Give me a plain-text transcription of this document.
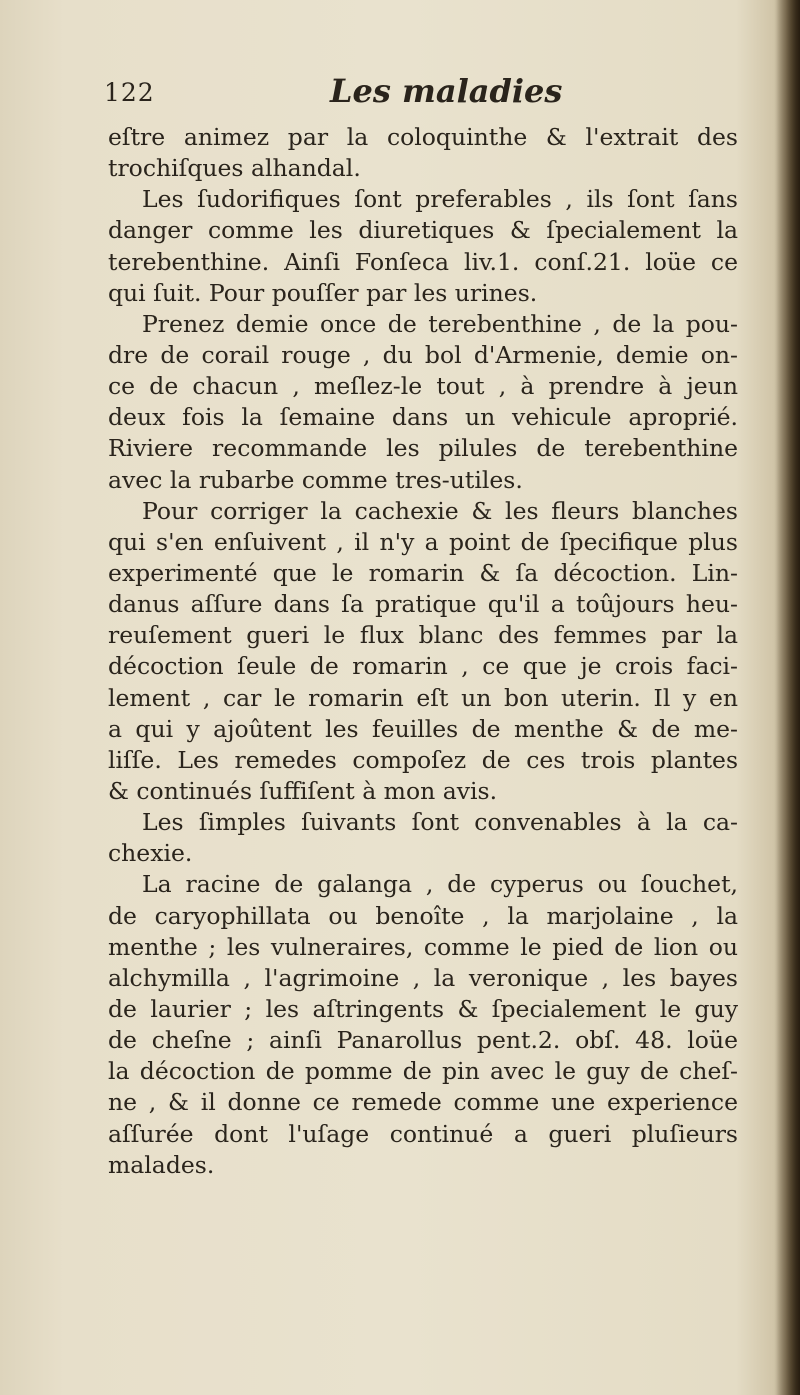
122	Les maladies
eſtre animez par la coloquinthe & l'extrait des
trochiſques alhandal.
Les ſudorifiques ſont preferables , ils ſont ſans
danger comme les diuretiques & ſpecialement la
terebenthine. Ainſi Fonſeca liv.1. conſ.21. loüe ce
qui ſuit. Pour pouſſer par les urines.
Prenez demie once de terebenthine , de la pou-
dre de corail rouge , du bol d'Armenie, demie on-
ce de chacun , meſlez-le tout , à prendre à jeun
deux fois la ſemaine dans un vehicule aproprié.
Riviere recommande les pilules de terebenthine
avec la rubarbe comme tres-utiles.
Pour corriger la cachexie & les fleurs blanches
qui s'en enſuivent , il n'y a point de ſpecifique plus
experimenté que le romarin & ſa décoction. Lin-
danus aſſure dans ſa pratique qu'il a toûjours heu-
reuſement gueri le flux blanc des femmes par la
décoction ſeule de romarin , ce que je crois faci-
lement , car le romarin eſt un bon uterin. Il y en
a qui y ajoûtent les feuilles de menthe & de me-
liſſe. Les remedes compoſez de ces trois plantes
& continués ſuffiſent à mon avis.
Les ſimples ſuivants ſont convenables à la ca-
chexie.
La racine de galanga , de cyperus ou ſouchet,
de caryophillata ou benoîte , la marjolaine , la
menthe ; les vulneraires, comme le pied de lion ou
alchymilla , l'agrimoine , la veronique , les bayes
de laurier ; les aſtringents & ſpecialement le guy
de cheſne ; ainſi Panarollus pent.2. obſ. 48. loüe
la décoction de pomme de pin avec le guy de cheſ-
ne , & il donne ce remede comme une experience
aſſurée dont l'uſage continué a gueri pluſieurs
malades.
